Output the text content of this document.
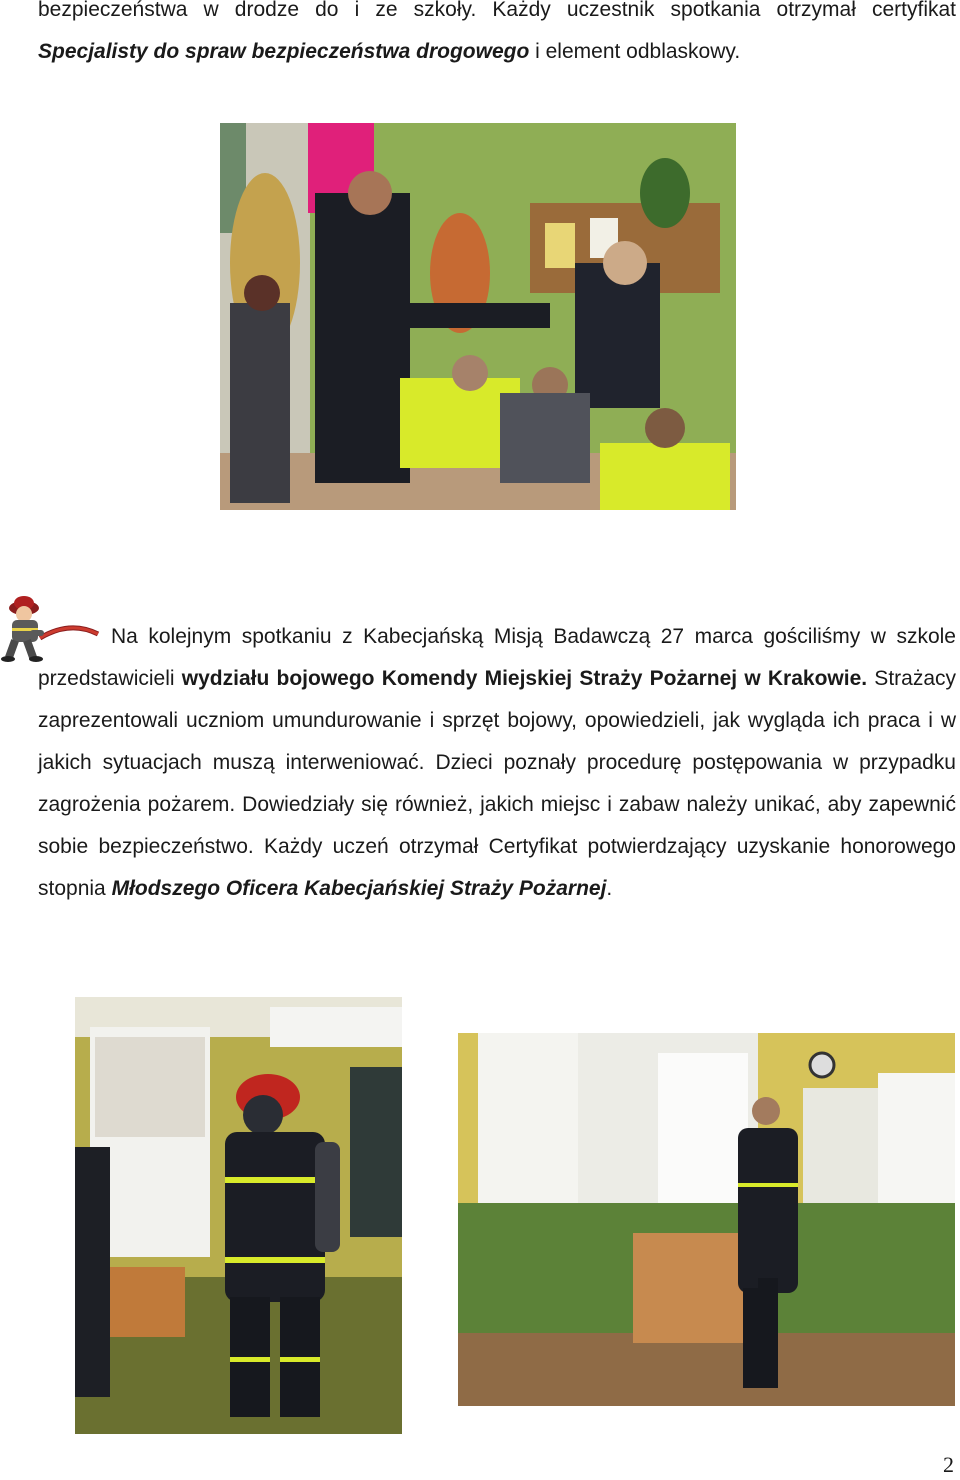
bezpieczeństwa w drodze do i ze szkoły. Każdy uczestnik spotkania otrzymał certyfikat Specjalisty do spraw bezpieczeństwa drogowego i element odblaskowy.

Na kolejnym spotkaniu z Kabecjańską Misją Badawczą 27 marca gościliśmy w szkole przedstawicieli wydziału bojowego Komendy Miejskiej Straży Pożarnej w Krakowie. Strażacy zaprezentowali uczniom umundurowanie i sprzęt bojowy, opowiedzieli, jak wygląda ich praca i w jakich sytuacjach muszą interweniować. Dzieci poznały procedurę postępowania w przypadku zagrożenia pożarem. Dowiedziały się również, jakich miejsc i zabaw należy unikać, aby zapewnić sobie bezpieczeństwo. Każdy uczeń otrzymał Certyfikat potwierdzający uzyskanie honorowego stopnia Młodszego Oficera Kabecjańskiej Straży Pożarnej.

2
